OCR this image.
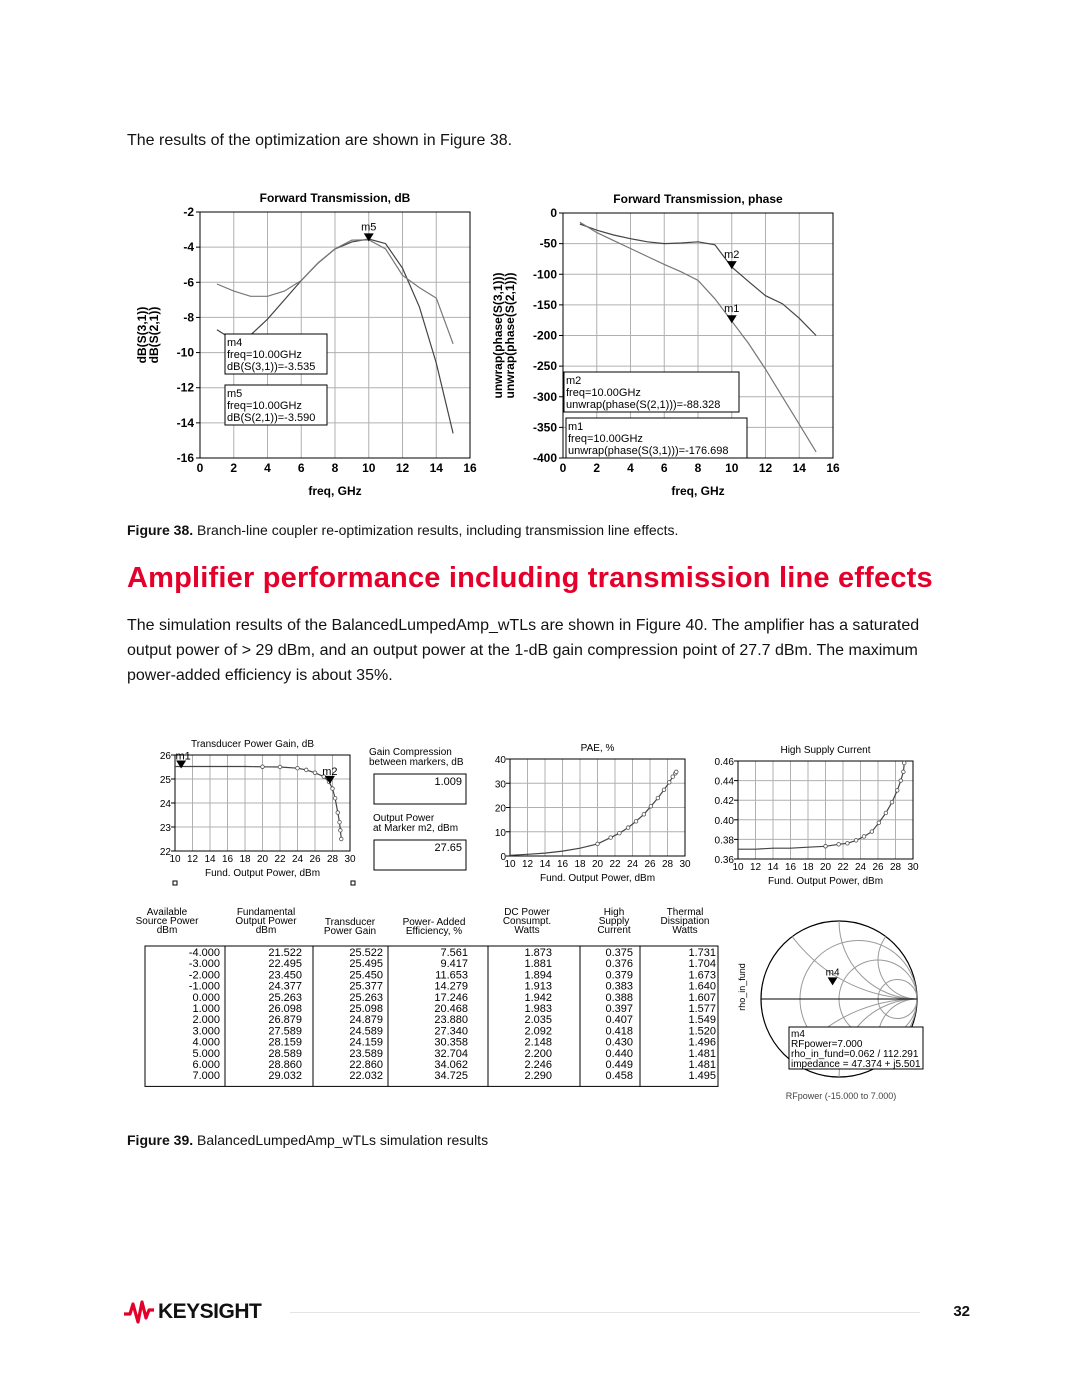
The results of the optimization are shown in Figure 38.
Forward Transmission, dB
0 2 4 6 8 10 12 14 16
-2
-4
-6
-8
-10
-12
-14
-16
freq, GHz
dB(S(3,1))
dB(S(2,1))
m5
m4
freq=10.00GHz
dB(S(3,1))=-3.535
m5
freq=10.00GHz
dB(S(2,1))=-3.590
Forward Transmission, phase
0 2 4 6 8 10 12 14 16
0
-50
-100
-150
-200
-250
-300
-350
-400
freq, GHz
unwrap(phase(S(3,1)))
unwrap(phase(S(2,1)))
m2
m1
m2
freq=10.00GHz
unwrap(phase(S(2,1)))=-88.328
m1
freq=10.00GHz
unwrap(phase(S(3,1)))=-176.698
Figure 38. Branch-line coupler re-optimization results, including transmission line effects.
Amplifier performance including transmission line effects
The simulation results of the BalancedLumpedAmp_wTLs are shown in Figure 40. The amplifier has a saturated output power of > 29 dBm, and an output power at the 1-dB gain compression point of 27.7 dBm. The maximum power-added efficiency is about 35%.
Transducer Power Gain, dB
10 12 14 16 18 20 22 24 26 28 30
26
25
24
23
22
Fund. Output Power, dBm
m1
m2
Gain Compression
between markers, dB
1.009
Output Power
at Marker m2, dBm
27.65
PAE, %
10 12 14 16 18 20 22 24 26 28 30
40
30
20
10
0
Fund. Output Power, dBm
High Supply Current
10 12 14 16 18 20 22 24 26 28 30
0.46
0.44
0.42
0.40
0.38
0.36
Fund. Output Power, dBm
Available
Source Power
dBm
Fundamental
Output Power
dBm
Transducer
Power Gain
Power- Added
Efficiency, %
DC Power
Consumpt.
Watts
High
Supply
Current
Thermal
Dissipation
Watts
-4.000	21.522	25.522	7.561	1.873	0.375	1.731
-3.000	22.495	25.495	9.417	1.881	0.376	1.704
-2.000	23.450	25.450	11.653	1.894	0.379	1.673
-1.000	24.377	25.377	14.279	1.913	0.383	1.640
0.000	25.263	25.263	17.246	1.942	0.388	1.607
1.000	26.098	25.098	20.468	1.983	0.397	1.577
2.000	26.879	24.879	23.880	2.035	0.407	1.549
3.000	27.589	24.589	27.340	2.092	0.418	1.520
4.000	28.159	24.159	30.358	2.148	0.430	1.496
5.000	28.589	23.589	32.704	2.200	0.440	1.481
6.000	28.860	22.860	34.062	2.246	0.449	1.481
7.000	29.032	22.032	34.725	2.290	0.458	1.495
m4
rho_in_fund
m4
RFpower=7.000
rho_in_fund=0.062 / 112.291
impedance = 47.374 + j5.501
RFpower (-15.000 to 7.000)
Figure 39. BalancedLumpedAmp_wTLs simulation results
KEYSIGHT	32
